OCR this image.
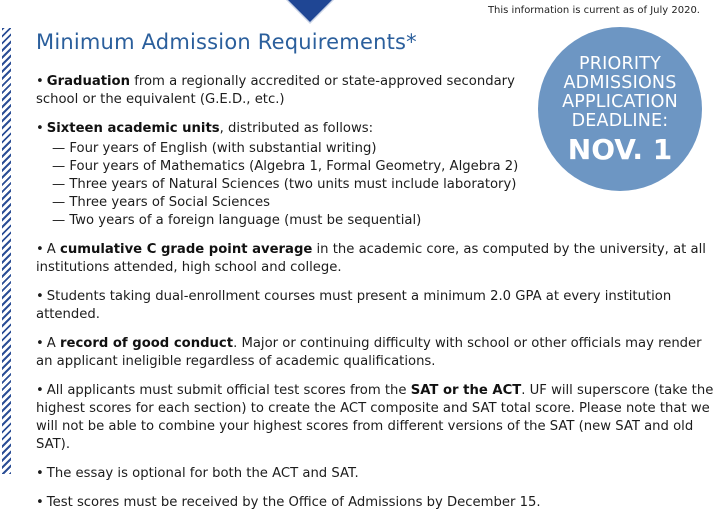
This information is current as of July 2020.
Minimum Admission Requirements*
PRIORITY
ADMISSIONS
APPLICATION
DEADLINE:
NOV. 1

• Graduation from a regionally accredited or state-approved secondary school or the equivalent (G.E.D., etc.)

• Sixteen academic units, distributed as follows:

— Four years of English (with substantial writing)
— Four years of Mathematics (Algebra 1, Formal Geometry, Algebra 2)
— Three years of Natural Sciences (two units must include laboratory)
— Three years of Social Sciences
— Two years of a foreign language (must be sequential)

• A cumulative C grade point average in the academic core, as computed by the university, at all institutions attended, high school and college.

• Students taking dual-enrollment courses must present a minimum 2.0 GPA at every institution attended.

• A record of good conduct. Major or continuing difficulty with school or other officials may render an applicant ineligible regardless of academic qualifications.

• All applicants must submit official test scores from the SAT or the ACT. UF will superscore (take the highest scores for each section) to create the ACT composite and SAT total score. Please note that we will not be able to combine your highest scores from different versions of the SAT (new SAT and old SAT).

• The essay is optional for both the ACT and SAT.

• Test scores must be received by the Office of Admissions by December 15.
